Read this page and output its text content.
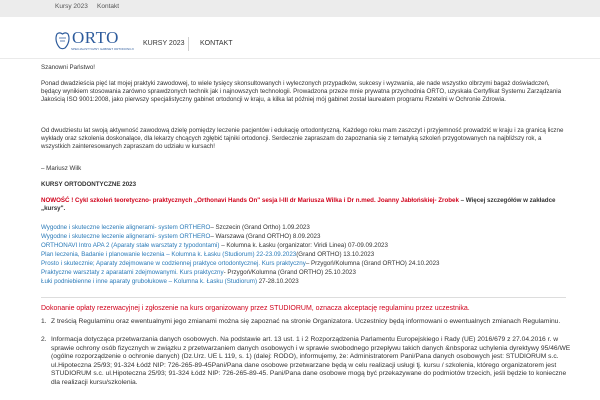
Kursy 2023 Kontakt
ORTO
SPECJALISTYCZNY GABINET ORTODONCJI
KURSY 2023 KONTAKT

Szanowni Państwo!

Ponad dwadzieścia pięć lat mojej praktyki zawodowej, to wiele tysięcy skonsultowanych i wyleczonych przypadków, sukcesy i wyzwania, ale nade wszystko olbrzymi bagaż doświadczeń, będący wynikiem stosowania zarówno sprawdzonych technik jak i najnowszych technologii. Prowadzona przeze mnie prywatna przychodnia ORTO, uzyskała Certyfikat Systemu Zarządzania Jakością ISO 9001:2008, jako pierwszy specjalistyczny gabinet ortodoncji w kraju, a kilka lat później mój gabinet został laureatem programu Rzetelni w Ochronie Zdrowia.

Od dwudziestu lat swoją aktywność zawodową dzielę pomiędzy leczenie pacjentów i edukację ortodontyczną. Każdego roku mam zaszczyt i przyjemność prowadzić w kraju i za granicą liczne wykłady oraz szkolenia doskonalące, dla lekarzy chcących zgłębić tajniki ortodoncji. Serdecznie zapraszam do zapoznania się z tematyką szkoleń przygotowanych na najbliższy rok, a wszystkich zainteresowanych zapraszam do udziału w kursach!

– Mariusz Wilk

KURSY ORTODONTYCZNE 2023

NOWOŚĆ ! Cykl szkoleń teoretyczno- praktycznych „Orthonavi Hands On" sesja I-III dr Mariusza Wilka i Dr n.med. Joanny Jabłońskiej- Zrobek – Więcej szczegółów w zakładce „kursy".

Wygodne i skuteczne leczenie alignerami- system ORTHERO– Szczecin (Grand Ortho) 1.09.2023
Wygodne i skuteczne leczenie alignerami- system ORTHERO– Warszawa (Grand ORTHO) 8.09.2023
ORTHONAVI Intro APA 2 (Aparaty stałe warsztaty z typodontami) – Kolumna k. Łasku (organizator: Viridi Linea) 07-09.09.2023
Plan leczenia, Badanie i planowanie leczenia – Kolumna k. Łasku (Studiorum) 22-23.09.2023(Grand ORTHO) 13.10.2023
Prosto i skutecznie; Aparaty zdejmowane w codziennej praktyce ortodontycznej. Kurs praktyczny– Przygoń/Kolumna (Grand ORTHO) 24.10.2023
Praktyczne warsztaty z aparatami zdejmowanymi. Kurs praktyczny- Przygoń/Kolumna (Grand ORTHO) 25.10.2023
Łuki podniebienne i inne aparaty grubołukowe – Kolumna k. Łasku (Studiorum) 27-28.10.2023

Dokonanie opłaty rezerwacyjnej i zgłoszenie na kurs organizowany przez STUDIORUM, oznacza akceptację regulaminu przez uczestnika.

1. Z treścią Regulaminu oraz ewentualnymi jego zmianami można się zapoznać na stronie Organizatora. Uczestnicy będą informowani o ewentualnych zmianach Regulaminu.
2. Informacja dotycząca przetwarzania danych osobowych. Na podstawie art. 13 ust. 1 i 2 Rozporządzenia Parlamentu Europejskiego i Rady (UE) 2016/679 z 27.04.2016 r. w sprawie ochrony osób fizycznych w związku z przetwarzaniem danych osobowych i w sprawie swobodnego przepływu takich danych &nbsporaz uchylenia dyrektywy 95/46/WE (ogólne rozporządzenie o ochronie danych) (Dz.Urz. UE L 119, s. 1) (dalej: RODO), informujemy, że: Administratorem Pani/Pana danych osobowych jest: STUDIORUM s.c. ul.Hipoteczna 25/93; 91-324 Łódź NIP: 726-265-89-45Pani/Pana dane osobowe przetwarzane będą w celu realizacji usługi tj. kursu / szkolenia, którego organizatorem jest STUDIORUM s.c. ul.Hipoteczna 25/93; 91-324 Łódź NIP: 726-265-89-45. Pani/Pana dane osobowe mogą być przekazywane do podmiotów trzecich, jeśli będzie to konieczne dla realizacji kursu/szkolenia.
